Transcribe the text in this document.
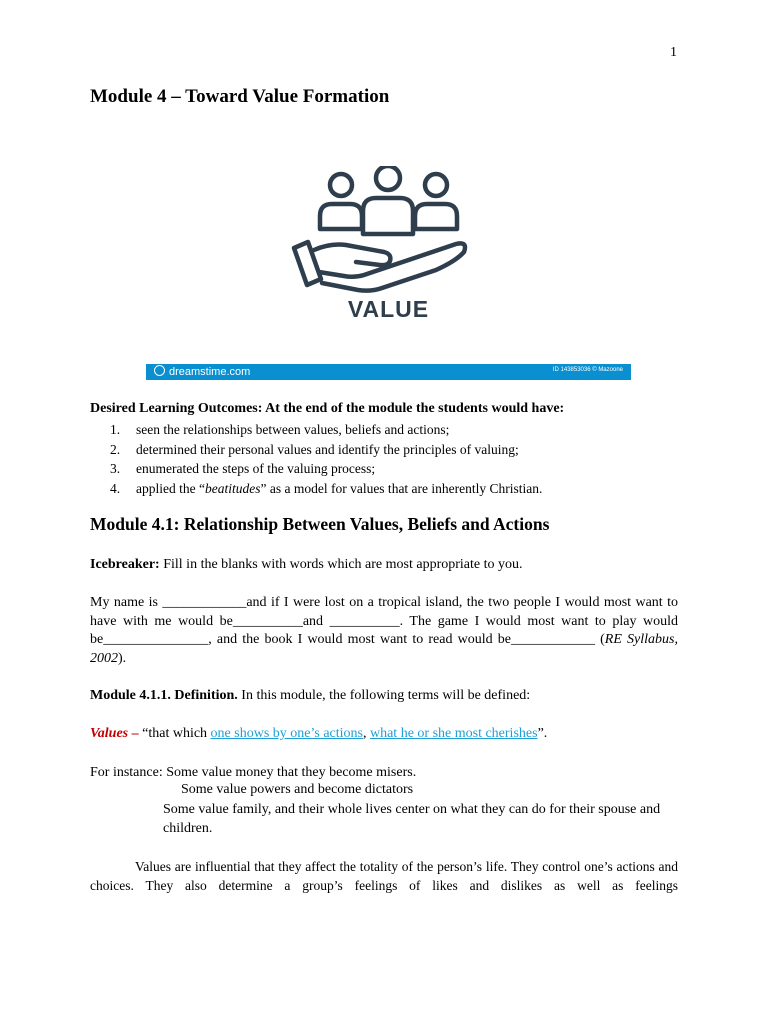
1
Module 4 – Toward Value Formation
VALUE
dreamstime.com	ID 143853036 © Mazoone
Desired Learning Outcomes: At the end of the module the students would have:
1. seen the relationships between values, beliefs and actions;
2. determined their personal values and identify the principles of valuing;
3. enumerated the steps of the valuing process;
4. applied the “beatitudes” as a model for values that are inherently Christian.
Module 4.1: Relationship Between Values, Beliefs and Actions
Icebreaker: Fill in the blanks with words which are most appropriate to you.
My name is ____________and if I were lost on a tropical island, the two people I would most want to have with me would be__________and __________. The game I would most want to play would be_______________, and the book I would most want to read would be____________ (RE Syllabus, 2002).
Module 4.1.1. Definition. In this module, the following terms will be defined:
Values – “that which one shows by one’s actions, what he or she most cherishes”.
For instance: Some value money that they become misers.
Some value powers and become dictators
Some value family, and their whole lives center on what they can do for their spouse and children.
Values are influential that they affect the totality of the person’s life. They control one’s actions and choices. They also determine a group’s feelings of likes and dislikes as well as feelings
